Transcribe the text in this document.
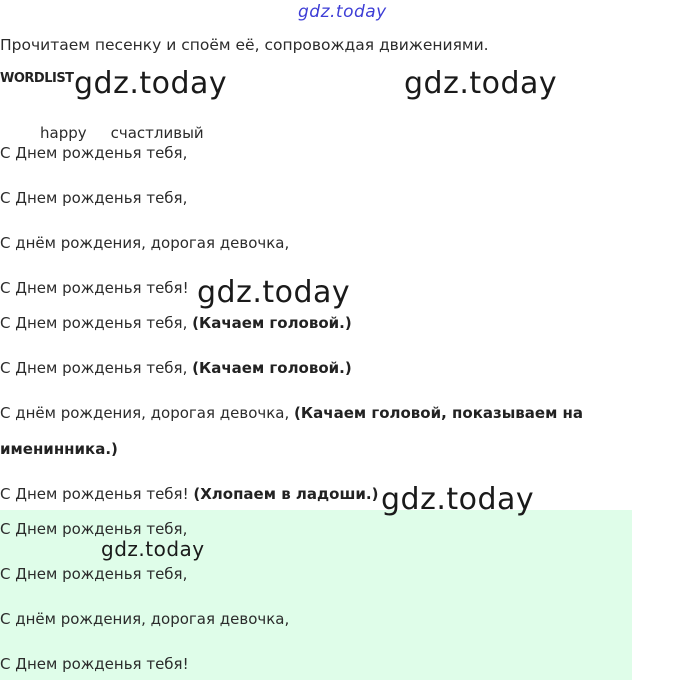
gdz.today
Прочитаем песенку и споём её, сопровождая движениями.
WORDLIST
happy счастливый
С Днем рожденья тебя,
С Днем рожденья тебя,
С днём рождения, дорогая девочка,
С Днем рожденья тебя!
С Днем рожденья тебя, (Качаем головой.)
С Днем рожденья тебя, (Качаем головой.)
С днём рождения, дорогая девочка, (Качаем головой, показываем на
именинника.)
С Днем рожденья тебя! (Хлопаем в ладоши.)
С Днем рожденья тебя,
С Днем рожденья тебя,
С днём рождения, дорогая девочка,
С Днем рожденья тебя!
gdz.today	gdz.today
gdz.today
gdz.today
gdz.today
